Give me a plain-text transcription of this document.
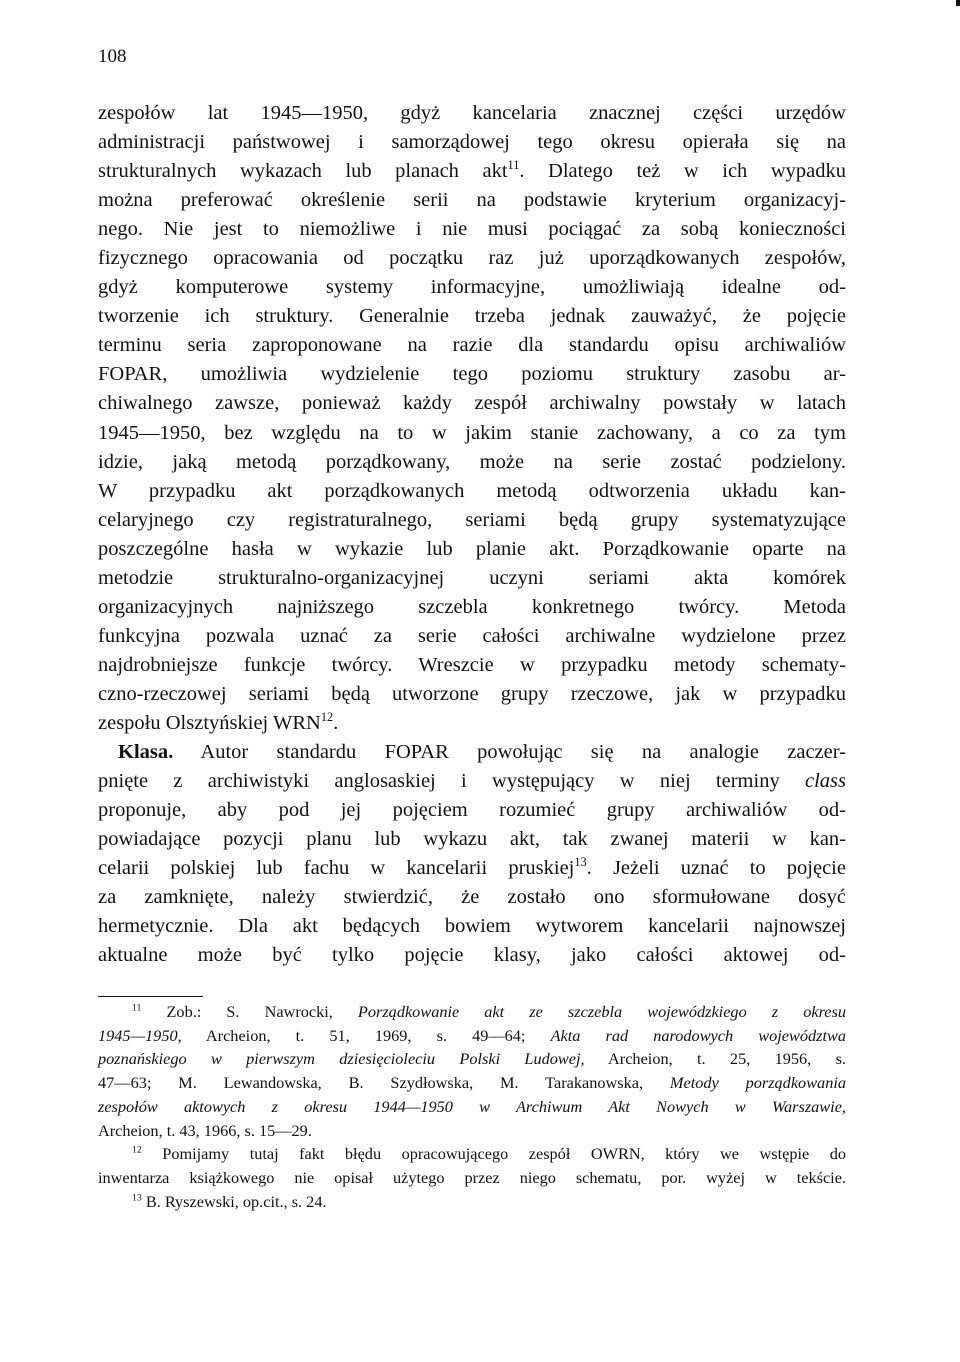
108
zespołów lat 1945—1950, gdyż kancelaria znacznej części urzędów
administracji państwowej i samorządowej tego okresu opierała się na
strukturalnych wykazach lub planach akt$^{11}$. Dlatego też w ich wypadku
można preferować określenie serii na podstawie kryterium organizacyj-
nego. Nie jest to niemożliwe i nie musi pociągać za sobą konieczności
fizycznego opracowania od początku raz już uporządkowanych zespołów,
gdyż komputerowe systemy informacyjne, umożliwiają idealne od-
tworzenie ich struktury. Generalnie trzeba jednak zauważyć, że pojęcie
terminu seria zaproponowane na razie dla standardu opisu archiwaliów
FOPAR, umożliwia wydzielenie tego poziomu struktury zasobu ar-
chiwalnego zawsze, ponieważ każdy zespół archiwalny powstały w latach
1945—1950, bez względu na to w jakim stanie zachowany, a co za tym
idzie, jaką metodą porządkowany, może na serie zostać podzielony.
W przypadku akt porządkowanych metodą odtworzenia układu kan-
celaryjnego czy registraturalnego, seriami będą grupy systematyzujące
poszczególne hasła w wykazie lub planie akt. Porządkowanie oparte na
metodzie strukturalno-organizacyjnej uczyni seriami akta komórek
organizacyjnych najniższego szczebla konkretnego twórcy. Metoda
funkcyjna pozwala uznać za serie całości archiwalne wydzielone przez
najdrobniejsze funkcje twórcy. Wreszcie w przypadku metody schematy-
czno-rzeczowej seriami będą utworzone grupy rzeczowe, jak w przypadku
zespołu Olsztyńskiej WRN$^{12}$.
Klasa. Autor standardu FOPAR powołując się na analogie zaczer-
pnięte z archiwistyki anglosaskiej i występujący w niej terminy class
proponuje, aby pod jej pojęciem rozumieć grupy archiwaliów od-
powiadające pozycji planu lub wykazu akt, tak zwanej materii w kan-
celarii polskiej lub fachu w kancelarii pruskiej$^{13}$. Jeżeli uznać to pojęcie
za zamknięte, należy stwierdzić, że zostało ono sformułowane dosyć
hermetycznie. Dla akt będących bowiem wytworem kancelarii najnowszej
aktualne może być tylko pojęcie klasy, jako całości aktowej od-
$^{11}$ Zob.: S. Nawrocki, Porządkowanie akt ze szczebla wojewódzkiego z okresu
1945—1950, Archeion, t. 51, 1969, s. 49—64; Akta rad narodowych województwa
poznańskiego w pierwszym dziesięcioleciu Polski Ludowej, Archeion, t. 25, 1956, s.
47—63; M. Lewandowska, B. Szydłowska, M. Tarakanowska, Metody porządkowania
zespołów aktowych z okresu 1944—1950 w Archiwum Akt Nowych w Warszawie,
Archeion, t. 43, 1966, s. 15—29.
$^{12}$ Pomijamy tutaj fakt błędu opracowującego zespół OWRN, który we wstępie do
inwentarza książkowego nie opisał użytego przez niego schematu, por. wyżej w tekście.
$^{13}$ B. Ryszewski, op.cit., s. 24.
